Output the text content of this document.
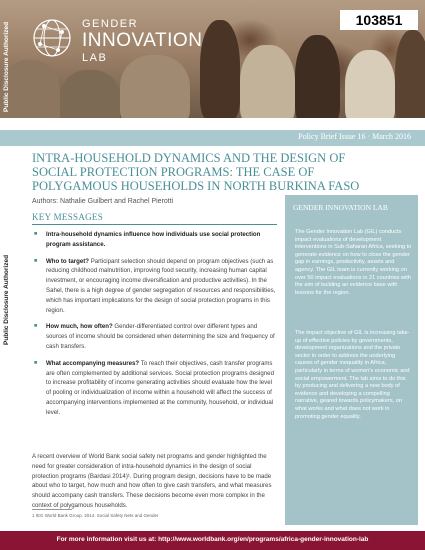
Public Disclosure Authorized	GENDER
INNOVATION
LAB
103851
Policy Brief Issue 16 · March 2016
INTRA-HOUSEHOLD DYNAMICS AND THE DESIGN OF SOCIAL PROTECTION PROGRAMS: THE CASE OF POLYGAMOUS HOUSEHOLDS IN NORTH BURKINA FASO
Authors: Nathalie Guilbert and Rachel Pierotti
Public Disclosure Authorized
KEY MESSAGES
■ Intra-household dynamics influence how individuals use social protection program assistance.
■ Who to target? Participant selection should depend on program objectives (such as reducing childhood malnutrition, improving food security, increasing human capital investment, or encouraging income diversification and productive activities). In the Sahel, there is a high degree of gender segregation of resources and responsibilities, which has important implications for the design of social protection programs in this region.
■ How much, how often? Gender-differentiated control over different types and sources of income should be considered when determining the size and frequency of cash transfers.
■ What accompanying measures? To reach their objectives, cash transfer programs are often complemented by additional services. Social protection programs designed to increase profitability of income generating activities should evaluate how the level of pooling or individualization of income within a household will affect the success of accompanying interventions implemented at the community, household, or individual level.
A recent overview of World Bank social safety net programs and gender highlighted the need for greater consideration of intra-household dynamics in the design of social protection programs (Bardasi 2014)¹. During program design, decisions have to be made about who to target, how much and how often to give cash transfers, and what measures should accompany cash transfers. These decisions become even more complex in the context of polygamous households.
1 IEG World Bank Group. 2014. Social Safety Nets and Gender
GENDER INNOVATION LAB
The Gender Innovation Lab (GIL) conducts impact evaluations of development interventions in Sub-Saharan Africa, seeking to generate evidence on how to close the gender gap in earnings, productivity, assets and agency. The GIL team is currently working on over 50 impact evaluations in 21 countries with the aim of building an evidence base with lessons for the region.
The impact objective of GIL is increasing take-up of effective policies by governments, development organizations and the private sector in order to address the underlying causes of gender inequality in Africa, particularly in terms of women's economic and social empowerment. The lab aims to do this by producing and delivering a new body of evidence and developing a compelling narrative, geared towards policymakers, on what works and what does not work in promoting gender equality.
For more information visit us at: http://www.worldbank.org/en/programs/africa-gender-innovation-lab
